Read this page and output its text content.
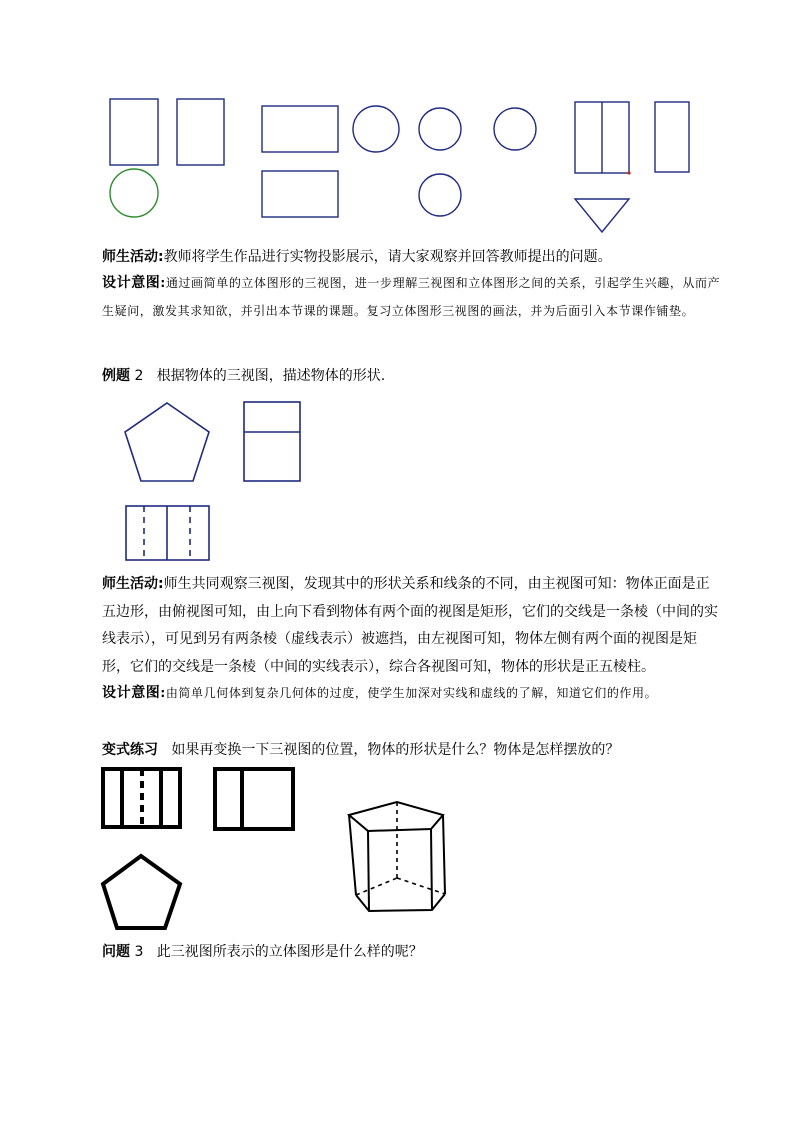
师生活动:教师将学生作品进行实物投影展示，请大家观察并回答教师提出的问题。
设计意图:通过画简单的立体图形的三视图，进一步理解三视图和立体图形之间的关系，引起学生兴趣，从而产生疑问，激发其求知欲，并引出本节课的课题。复习立体图形三视图的画法，并为后面引入本节课作铺垫。
例题 2 根据物体的三视图，描述物体的形状.
师生活动:师生共同观察三视图，发现其中的形状关系和线条的不同，由主视图可知：物体正面是正五边形，由俯视图可知，由上向下看到物体有两个面的视图是矩形，它们的交线是一条棱（中间的实线表示），可见到另有两条棱（虚线表示）被遮挡，由左视图可知，物体左侧有两个面的视图是矩形，它们的交线是一条棱（中间的实线表示），综合各视图可知，物体的形状是正五棱柱。
设计意图:由简单几何体到复杂几何体的过度，使学生加深对实线和虚线的了解，知道它们的作用。
变式练习 如果再变换一下三视图的位置，物体的形状是什么？物体是怎样摆放的？
问题 3 此三视图所表示的立体图形是什么样的呢？
